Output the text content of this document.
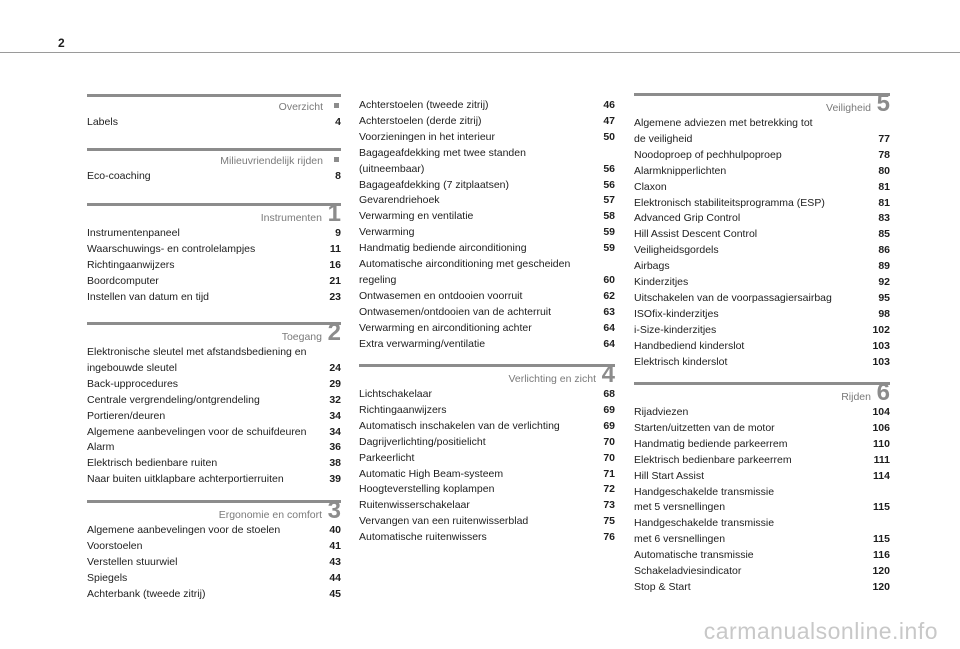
2
Overzicht
Labels	4
Milieuvriendelijk rijden
Eco-coaching	8
Instrumenten 1
Instrumentenpaneel	9
Waarschuwings- en controlelampjes	11
Richtingaanwijzers	16
Boordcomputer	21
Instellen van datum en tijd	23
Toegang 2
Elektronische sleutel met afstandsbediening en
ingebouwde sleutel	24
Back-upprocedures	29
Centrale vergrendeling/ontgrendeling	32
Portieren/deuren	34
Algemene aanbevelingen voor de schuifdeuren	34
Alarm	36
Elektrisch bedienbare ruiten	38
Naar buiten uitklapbare achterportierruiten	39
Ergonomie en comfort 3
Algemene aanbevelingen voor de stoelen	40
Voorstoelen	41
Verstellen stuurwiel	43
Spiegels	44
Achterbank (tweede zitrij)	45
Achterstoelen (tweede zitrij)	46
Achterstoelen (derde zitrij)	47
Voorzieningen in het interieur	50
Bagageafdekking met twee standen
(uitneembaar)	56
Bagageafdekking (7 zitplaatsen)	56
Gevarendriehoek	57
Verwarming en ventilatie	58
Verwarming	59
Handmatig bediende airconditioning	59
Automatische airconditioning met gescheiden
regeling	60
Ontwasemen en ontdooien voorruit	62
Ontwasemen/ontdooien van de achterruit	63
Verwarming en airconditioning achter	64
Extra verwarming/ventilatie	64
Verlichting en zicht 4
Lichtschakelaar	68
Richtingaanwijzers	69
Automatisch inschakelen van de verlichting	69
Dagrijverlichting/positielicht	70
Parkeerlicht	70
Automatic High Beam-systeem	71
Hoogteverstelling koplampen	72
Ruitenwisserschakelaar	73
Vervangen van een ruitenwisserblad	75
Automatische ruitenwissers	76
Veiligheid 5
Algemene adviezen met betrekking tot
de veiligheid	77
Noodoproep of pechhulpoproep	78
Alarmknipperlichten	80
Claxon	81
Elektronisch stabiliteitsprogramma (ESP)	81
Advanced Grip Control	83
Hill Assist Descent Control	85
Veiligheidsgordels	86
Airbags	89
Kinderzitjes	92
Uitschakelen van de voorpassagiersairbag	95
ISOfix-kinderzitjes	98
i-Size-kinderzitjes	102
Handbediend kinderslot	103
Elektrisch kinderslot	103
Rijden 6
Rijadviezen	104
Starten/uitzetten van de motor	106
Handmatig bediende parkeerrem	110
Elektrisch bedienbare parkeerrem	111
Hill Start Assist	114
Handgeschakelde transmissie
met 5 versnellingen	115
Handgeschakelde transmissie
met 6 versnellingen	115
Automatische transmissie	116
Schakeladviesindicator	120
Stop & Start	120
carmanualsonline.info
